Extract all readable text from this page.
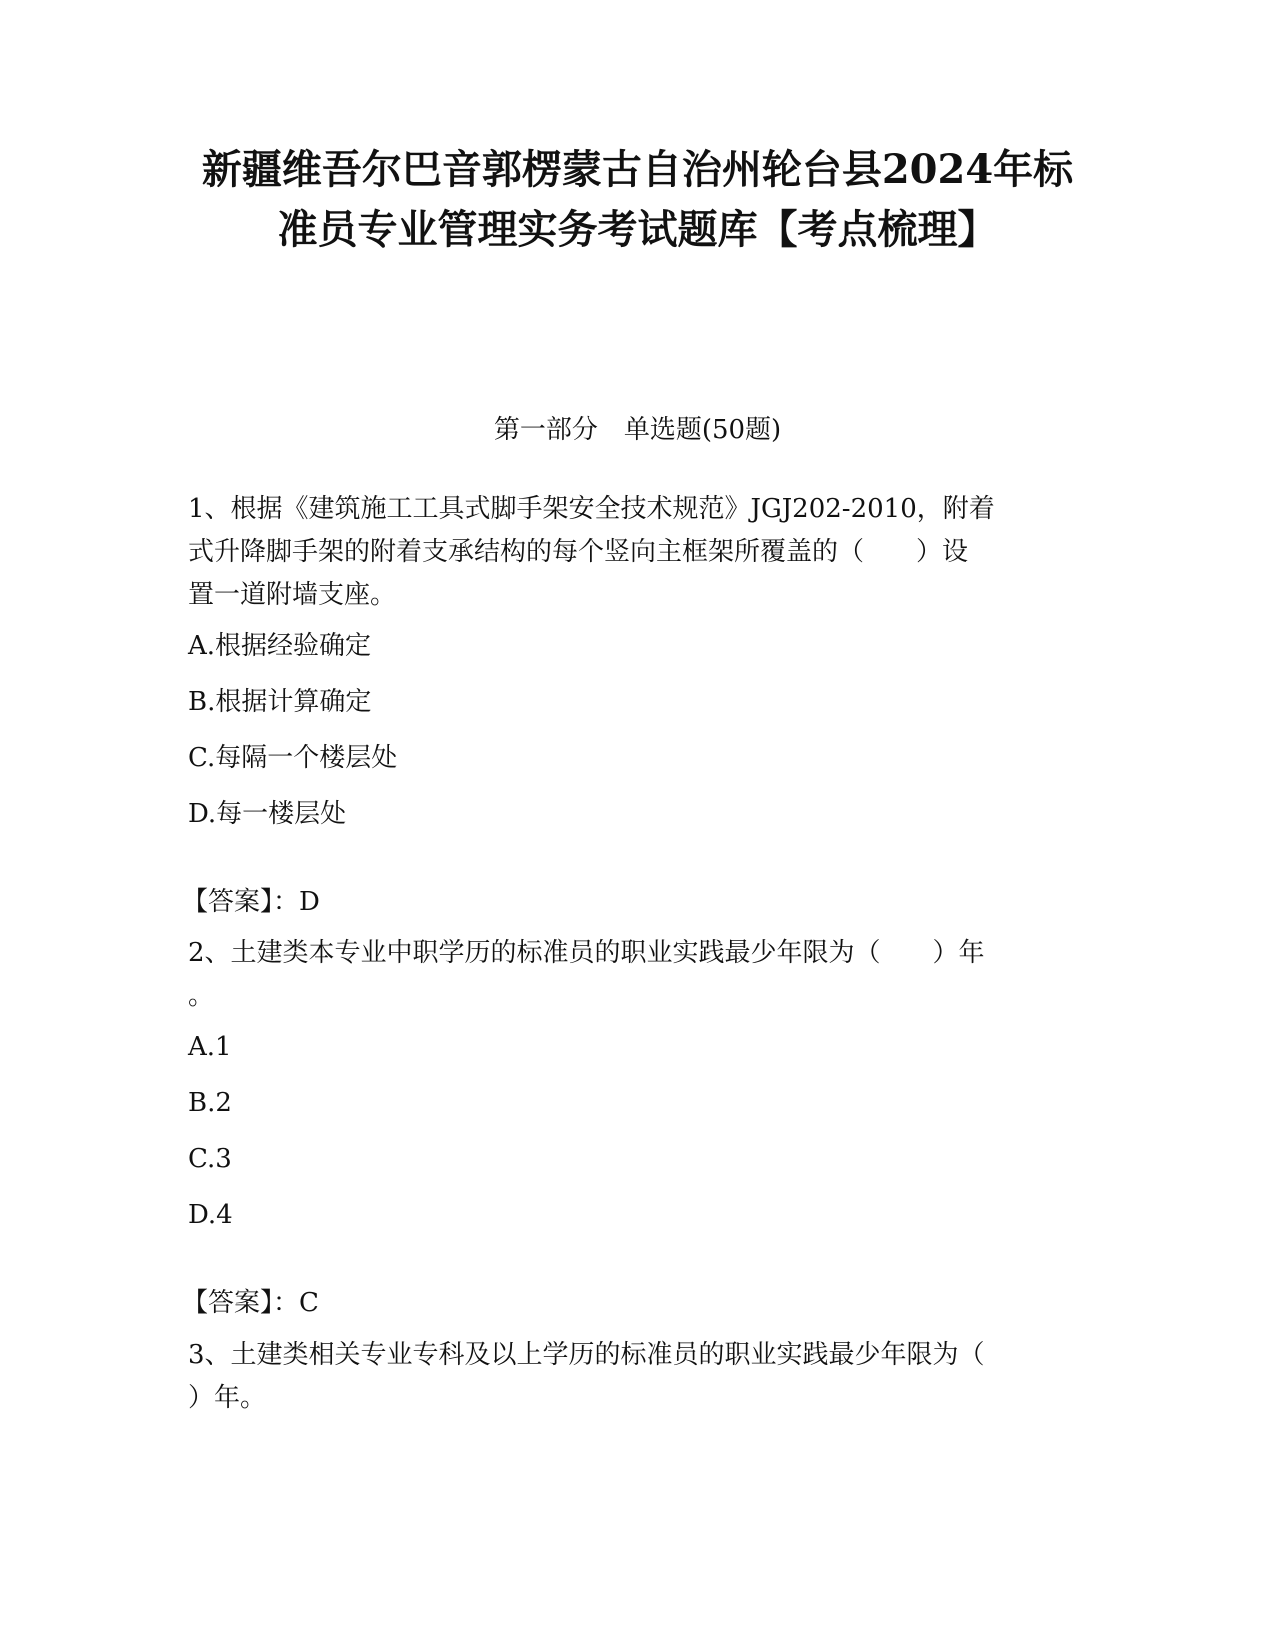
新疆维吾尔巴音郭楞蒙古自治州轮台县2024年标
准员专业管理实务考试题库【考点梳理】
第一部分　单选题(50题)

1、根据《建筑施工工具式脚手架安全技术规范》JGJ202-2010，附着
式升降脚手架的附着支承结构的每个竖向主框架所覆盖的（　　）设
置一道附墙支座。

A.根据经验确定

B.根据计算确定

C.每隔一个楼层处

D.每一楼层处

【答案】：D

2、土建类本专业中职学历的标准员的职业实践最少年限为（　　）年
。

A.1

B.2

C.3

D.4

【答案】：C

3、土建类相关专业专科及以上学历的标准员的职业实践最少年限为（
）年。
